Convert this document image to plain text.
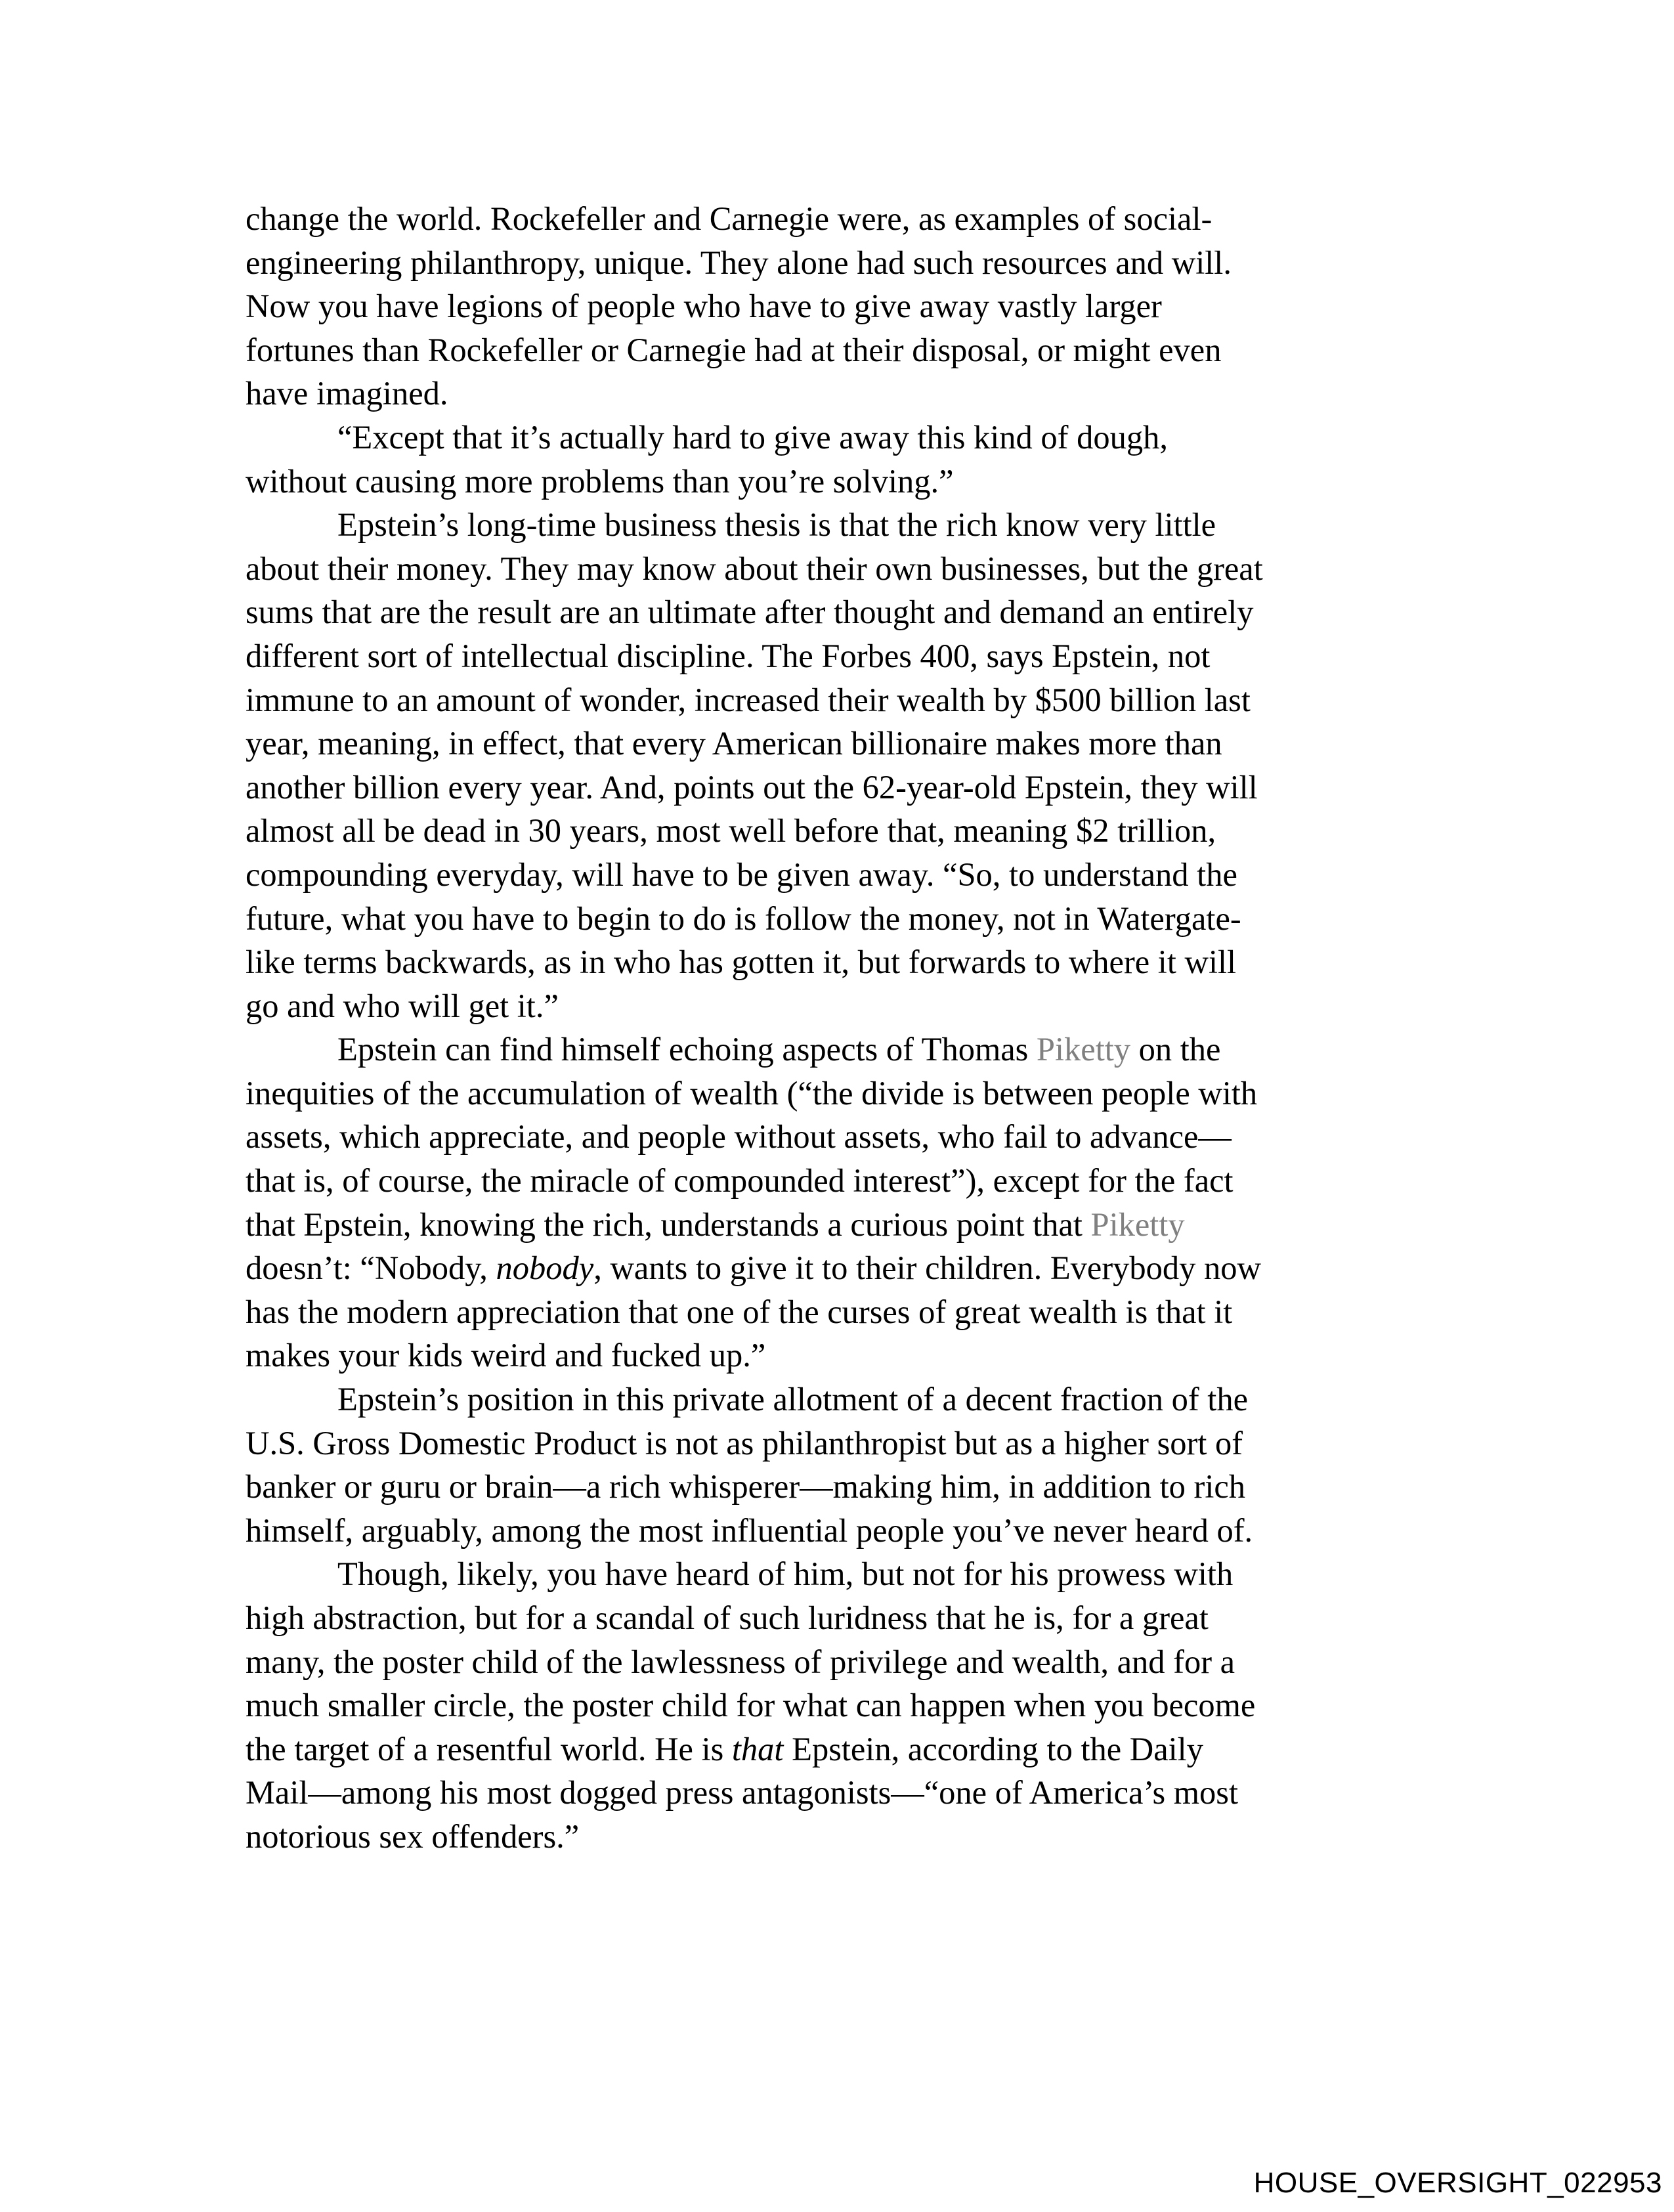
change the world. Rockefeller and Carnegie were, as examples of social-
engineering philanthropy, unique. They alone had such resources and will.
Now you have legions of people who have to give away vastly larger
fortunes than Rockefeller or Carnegie had at their disposal, or might even
have imagined.
“Except that it’s actually hard to give away this kind of dough,
without causing more problems than you’re solving.”
Epstein’s long-time business thesis is that the rich know very little
about their money. They may know about their own businesses, but the great
sums that are the result are an ultimate after thought and demand an entirely
different sort of intellectual discipline. The Forbes 400, says Epstein, not
immune to an amount of wonder, increased their wealth by $500 billion last
year, meaning, in effect, that every American billionaire makes more than
another billion every year. And, points out the 62-year-old Epstein, they will
almost all be dead in 30 years, most well before that, meaning $2 trillion,
compounding everyday, will have to be given away. “So, to understand the
future, what you have to begin to do is follow the money, not in Watergate-
like terms backwards, as in who has gotten it, but forwards to where it will
go and who will get it.”
Epstein can find himself echoing aspects of Thomas Piketty on the
inequities of the accumulation of wealth (“the divide is between people with
assets, which appreciate, and people without assets, who fail to advance—
that is, of course, the miracle of compounded interest”), except for the fact
that Epstein, knowing the rich, understands a curious point that Piketty
doesn’t: “Nobody, nobody, wants to give it to their children. Everybody now
has the modern appreciation that one of the curses of great wealth is that it
makes your kids weird and fucked up.”
Epstein’s position in this private allotment of a decent fraction of the
U.S. Gross Domestic Product is not as philanthropist but as a higher sort of
banker or guru or brain—a rich whisperer—making him, in addition to rich
himself, arguably, among the most influential people you’ve never heard of.
Though, likely, you have heard of him, but not for his prowess with
high abstraction, but for a scandal of such luridness that he is, for a great
many, the poster child of the lawlessness of privilege and wealth, and for a
much smaller circle, the poster child for what can happen when you become
the target of a resentful world. He is that Epstein, according to the Daily
Mail—among his most dogged press antagonists—“one of America’s most
notorious sex offenders.”
HOUSE_OVERSIGHT_022953
